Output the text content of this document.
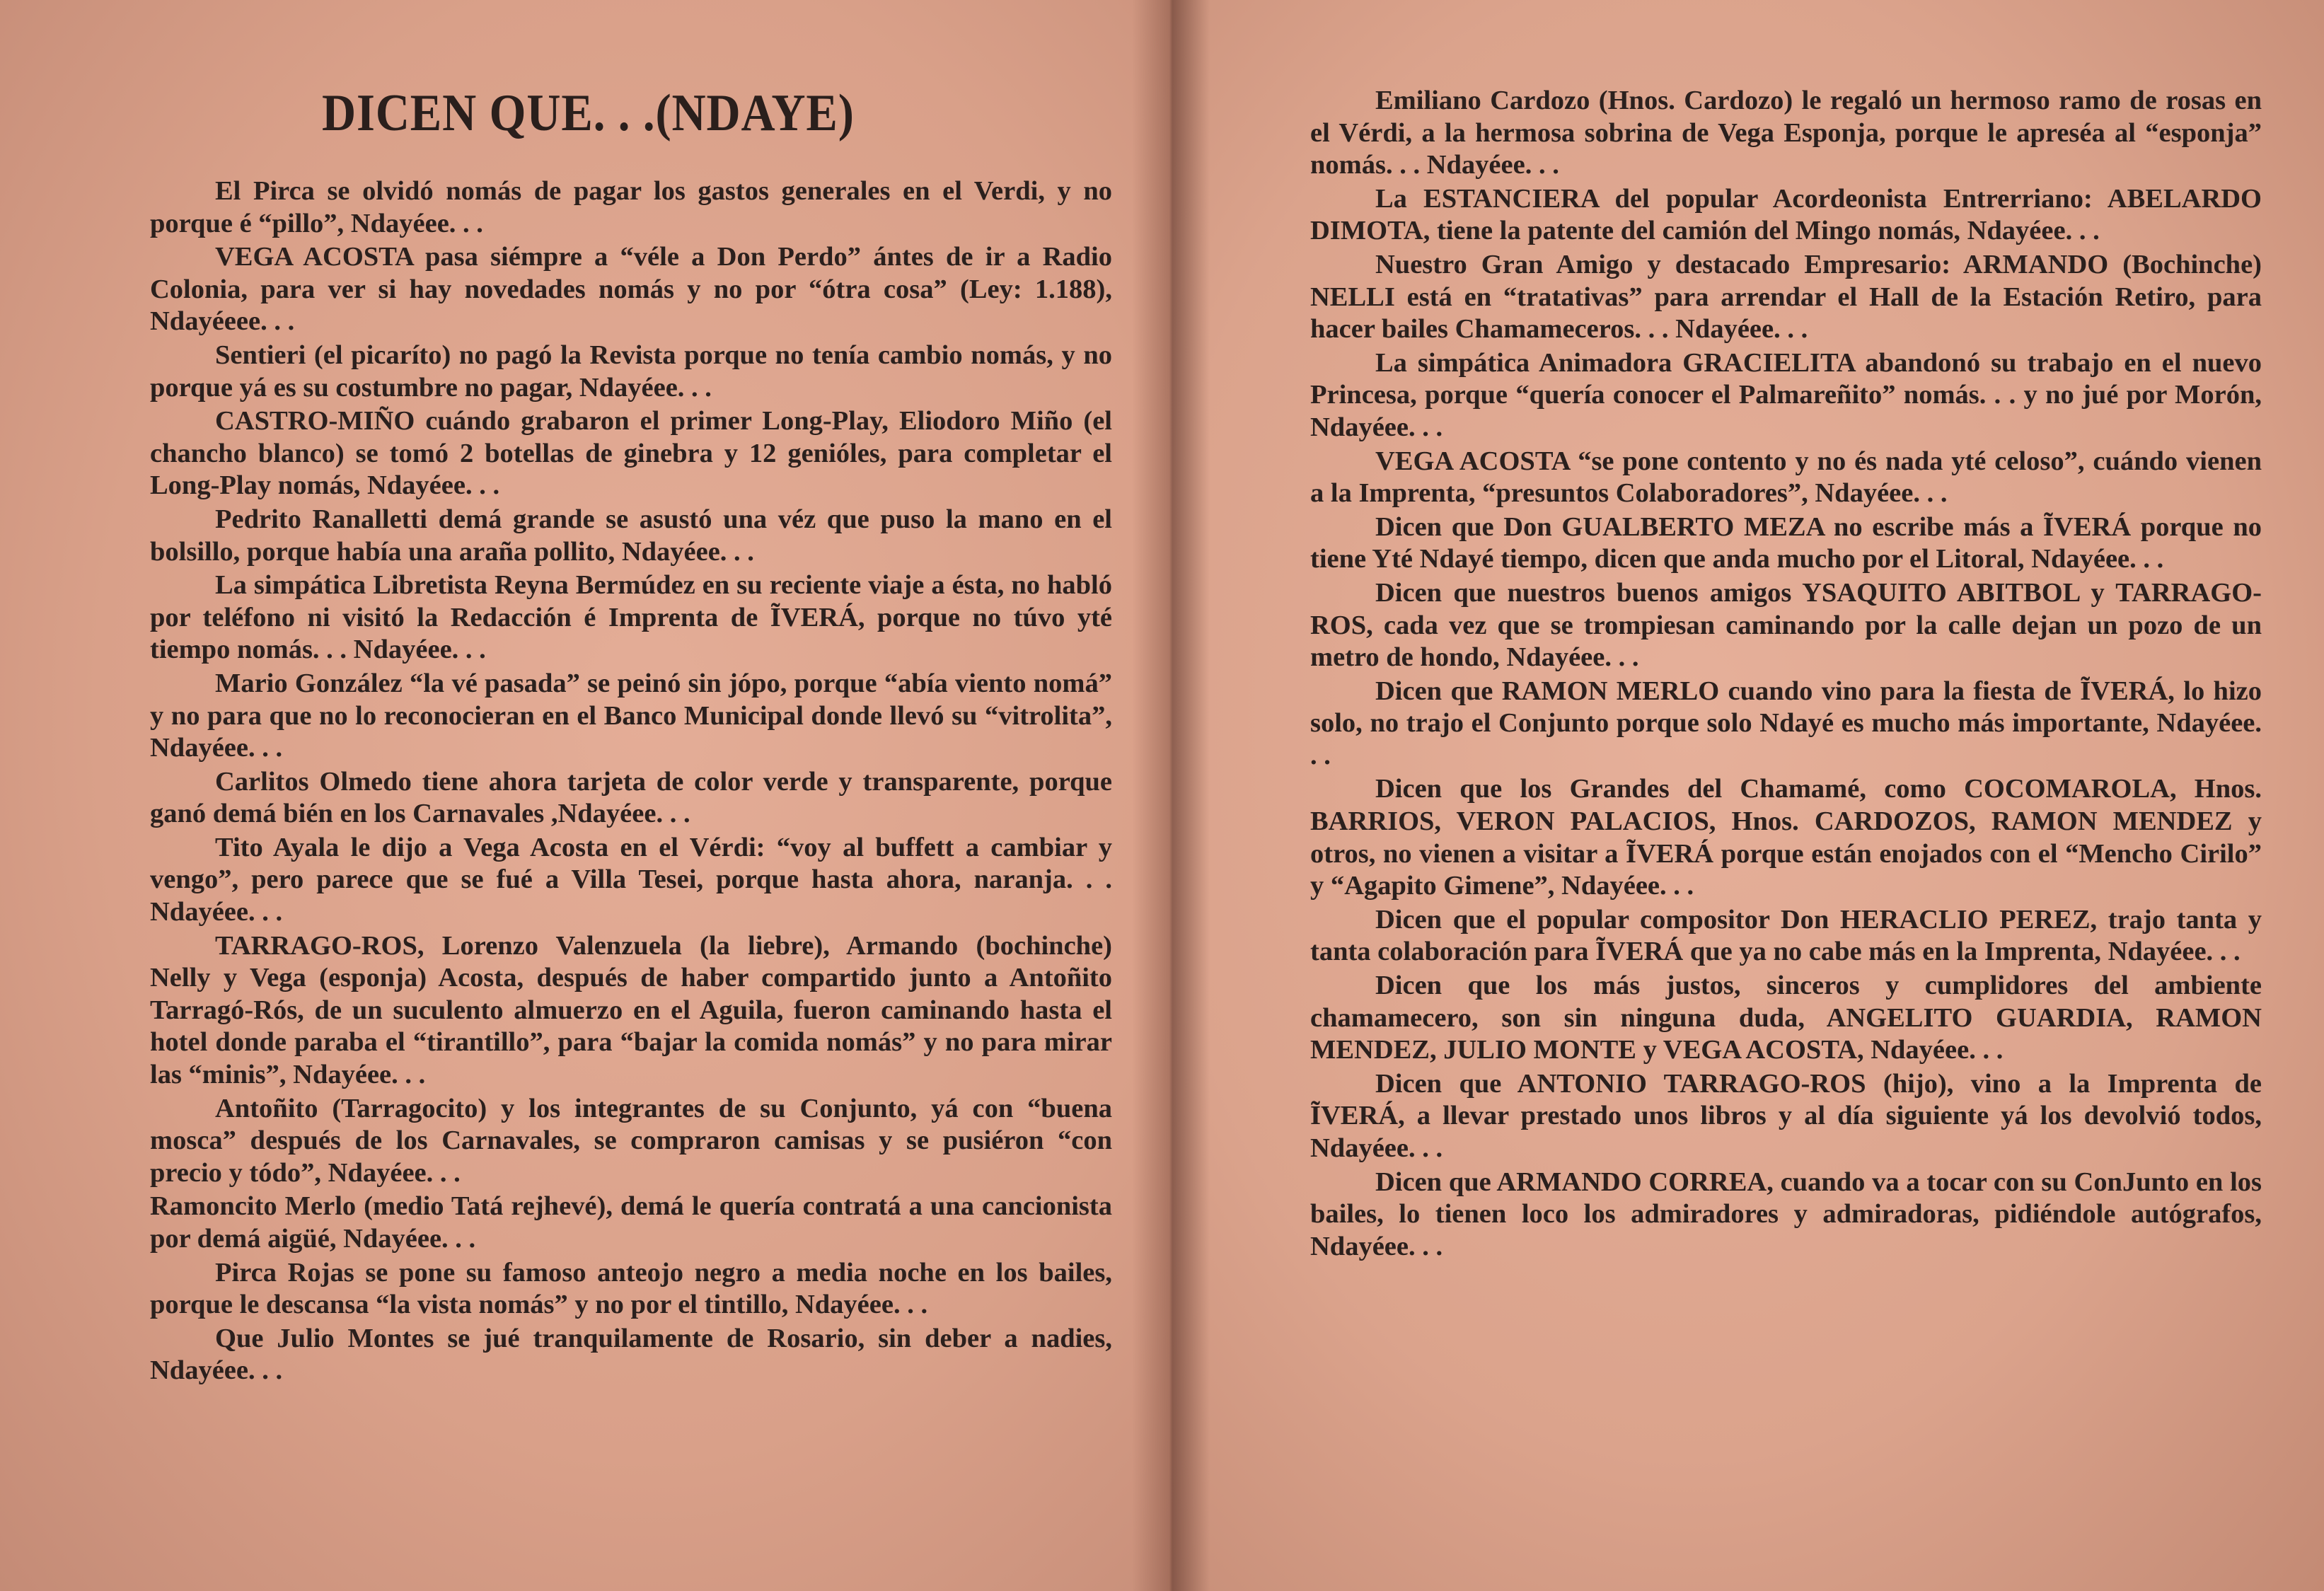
DICEN QUE. . .(NDAYE)

El Pirca se olvidó nomás de pagar los gastos generales en el Verdi, y no porque é “pillo”, Ndayéee. . .

VEGA ACOSTA pasa siémpre a “véle a Don Perdo” ántes de ir a Radio Colonia, para ver si hay novedades nomás y no por “ótra cosa” (Ley: 1.188), Ndayéeee. . .

Sentieri (el picaríto) no pagó la Revista porque no tenía cambio nomás, y no porque yá es su costumbre no pagar, Ndayéee. . .

CASTRO-MIÑO cuándo grabaron el primer Long-Play, Eliodoro Miño (el chancho blanco) se tomó 2 botellas de ginebra y 12 genióles, para completar el Long-Play nomás, Ndayéee. . .

Pedrito Ranalletti demá grande se asustó una véz que puso la mano en el bolsillo, porque había una araña pollito, Ndayéee. . .

La simpática Libretista Reyna Bermúdez en su reciente viaje a ésta, no habló por teléfono ni visitó la Redacción é Imprenta de ĨVERÁ, porque no túvo yté tiempo nomás. . . Ndayéee. . .

Mario González “la vé pasada” se peinó sin jópo, porque “abía viento nomá” y no para que no lo reconocieran en el Banco Municipal donde llevó su “vitrolita”, Ndayéee. . .

Carlitos Olmedo tiene ahora tarjeta de color verde y transparente, porque ganó demá bién en los Carnavales ,Ndayéee. . .

Tito Ayala le dijo a Vega Acosta en el Vérdi: “voy al buffett a cambiar y vengo”, pero parece que se fué a Villa Tesei, porque hasta ahora, naranja. . . Ndayéee. . .

TARRAGO-ROS, Lorenzo Valenzuela (la liebre), Armando (bochinche) Nelly y Vega (esponja) Acosta, después de haber compartido junto a Antoñito Tarragó-Rós, de un suculento almuerzo en el Aguila, fueron caminando hasta el hotel donde paraba el “tirantillo”, para “bajar la comida nomás” y no para mirar las “minis”, Ndayéee. . .

Antoñito (Tarragocito) y los integrantes de su Conjunto, yá con “buena mosca” después de los Carnavales, se compraron camisas y se pusiéron “con precio y tódo”, Ndayéee. . .

Ramoncito Merlo (medio Tatá rejhevé), demá le quería contratá a una cancionista por demá aigüé, Ndayéee. . .

Pirca Rojas se pone su famoso anteojo negro a media noche en los bailes, porque le descansa “la vista nomás” y no por el tintillo, Ndayéee. . .

Que Julio Montes se jué tranquilamente de Rosario, sin deber a nadies, Ndayéee. . .

Emiliano Cardozo (Hnos. Cardozo) le regaló un hermoso ramo de rosas en el Vérdi, a la hermosa sobrina de Vega Esponja, porque le apreséa al “esponja” nomás. . . Ndayéee. . .

La ESTANCIERA del popular Acordeonista Entrerriano: ABELARDO DIMOTA, tiene la patente del camión del Mingo nomás, Ndayéee. . .

Nuestro Gran Amigo y destacado Empresario: ARMANDO (Bochinche) NELLI está en “tratativas” para arrendar el Hall de la Estación Retiro, para hacer bailes Chamameceros. . . Ndayéee. . .

La simpática Animadora GRACIELITA abandonó su trabajo en el nuevo Princesa, porque “quería conocer el Palmareñito” nomás. . . y no jué por Morón, Ndayéee. . .

VEGA ACOSTA “se pone contento y no és nada yté celoso”, cuándo vienen a la Imprenta, “presuntos Colaboradores”, Ndayéee. . .

Dicen que Don GUALBERTO MEZA no escribe más a ĨVERÁ porque no tiene Yté Ndayé tiempo, dicen que anda mucho por el Litoral, Ndayéee. . .

Dicen que nuestros buenos amigos YSAQUITO ABITBOL y TARRAGO-ROS, cada vez que se trompiesan caminando por la calle dejan un pozo de un metro de hondo, Ndayéee. . .

Dicen que RAMON MERLO cuando vino para la fiesta de ĨVERÁ, lo hizo solo, no trajo el Conjunto porque solo Ndayé es mucho más importante, Ndayéee. . .

Dicen que los Grandes del Chamamé, como COCOMAROLA, Hnos. BARRIOS, VERON PALACIOS, Hnos. CARDOZOS, RAMON MENDEZ y otros, no vienen a visitar a ĨVERÁ porque están enojados con el “Mencho Cirilo” y “Agapito Gimene”, Ndayéee. . .

Dicen que el popular compositor Don HERACLIO PEREZ, trajo tanta y tanta colaboración para ĨVERÁ que ya no cabe más en la Imprenta, Ndayéee. . .

Dicen que los más justos, sinceros y cumplidores del ambiente chamamecero, son sin ninguna duda, ANGELITO GUARDIA, RAMON MENDEZ, JULIO MONTE y VEGA ACOSTA, Ndayéee. . .

Dicen que ANTONIO TARRAGO-ROS (hijo), vino a la Imprenta de ĨVERÁ, a llevar prestado unos libros y al día siguiente yá los devolvió todos, Ndayéee. . .

Dicen que ARMANDO CORREA, cuando va a tocar con su ConJunto en los bailes, lo tienen loco los admiradores y admiradoras, pidiéndole autógrafos, Ndayéee. . .
